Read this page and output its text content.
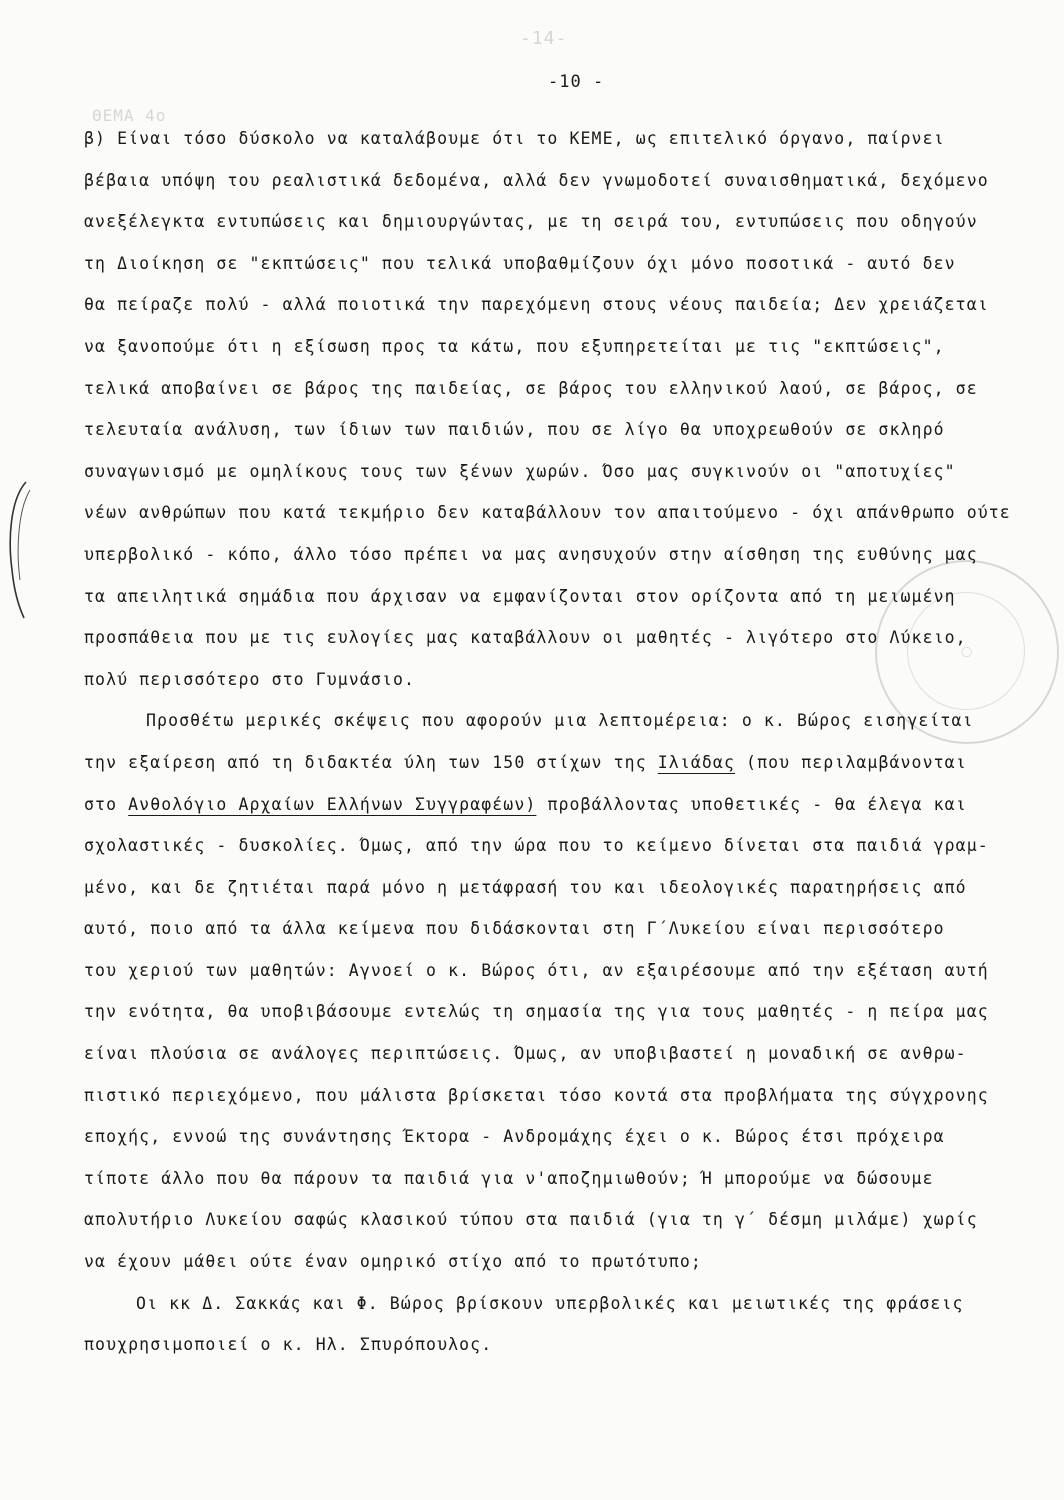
-14-
ΘΕΜΑ 4ο
-10 -
◯
β) Είναι τόσο δύσκολο να καταλάβουμε ότι το ΚΕΜΕ, ως επιτελικό όργανο, παίρνει
βέβαια υπόψη του ρεαλιστικά δεδομένα, αλλά δεν γνωμοδοτεί συναισθηματικά, δεχόμενο
ανεξέλεγκτα εντυπώσεις και δημιουργώντας, με τη σειρά του, εντυπώσεις που οδηγούν
τη Διοίκηση σε "εκπτώσεις" που τελικά υποβαθμίζουν όχι μόνο ποσοτικά - αυτό δεν
θα πείραζε πολύ - αλλά ποιοτικά την παρεχόμενη στους νέους παιδεία; Δεν χρειάζεται
να ξανοπούμε ότι η εξίσωση προς τα κάτω, που εξυπηρετείται με τις "εκπτώσεις",
τελικά αποβαίνει σε βάρος της παιδείας, σε βάρος του ελληνικού λαού, σε βάρος, σε
τελευταία ανάλυση, των ίδιων των παιδιών, που σε λίγο θα υποχρεωθούν σε σκληρό
συναγωνισμό με ομηλίκους τους των ξένων χωρών. Όσο μας συγκινούν οι "αποτυχίες"
νέων ανθρώπων που κατά τεκμήριο δεν καταβάλλουν τον απαιτούμενο - όχι απάνθρωπο ούτε
υπερβολικό - κόπο, άλλο τόσο πρέπει να μας ανησυχούν στην αίσθηση της ευθύνης μας
τα απειλητικά σημάδια που άρχισαν να εμφανίζονται στον ορίζοντα από τη μειωμένη
προσπάθεια που με τις ευλογίες μας καταβάλλουν οι μαθητές - λιγότερο στο Λύκειο,
πολύ περισσότερο στο Γυμνάσιο.
Προσθέτω μερικές σκέψεις που αφορούν μια λεπτομέρεια: ο κ. Βώρος εισηγείται
την εξαίρεση από τη διδακτέα ύλη των 150 στίχων της Ιλιάδας (που περιλαμβάνονται
στο Ανθολόγιο Αρχαίων Ελλήνων Συγγραφέων) προβάλλοντας υποθετικές - θα έλεγα και
σχολαστικές - δυσκολίες. Όμως, από την ώρα που το κείμενο δίνεται στα παιδιά γραμ-
μένο, και δε ζητιέται παρά μόνο η μετάφρασή του και ιδεολογικές παρατηρήσεις από
αυτό, ποιο από τα άλλα κείμενα που διδάσκονται στη Γ΄Λυκείου είναι περισσότερο
του χεριού των μαθητών: Αγνοεί ο κ. Βώρος ότι, αν εξαιρέσουμε από την εξέταση αυτή
την ενότητα, θα υποβιβάσουμε εντελώς τη σημασία της για τους μαθητές - η πείρα μας
είναι πλούσια σε ανάλογες περιπτώσεις. Όμως, αν υποβιβαστεί η μοναδική σε ανθρω-
πιστικό περιεχόμενο, που μάλιστα βρίσκεται τόσο κοντά στα προβλήματα της σύγχρονης
εποχής, εννοώ της συνάντησης Έκτορα - Ανδρομάχης έχει ο κ. Βώρος έτσι πρόχειρα
τίποτε άλλο που θα πάρουν τα παιδιά για ν'αποζημιωθούν; Ή μπορούμε να δώσουμε
απολυτήριο Λυκείου σαφώς κλασικού τύπου στα παιδιά (για τη γ΄ δέσμη μιλάμε) χωρίς
να έχουν μάθει ούτε έναν ομηρικό στίχο από το πρωτότυπο;
Οι κκ Δ. Σακκάς και Φ. Βώρος βρίσκουν υπερβολικές και μειωτικές της φράσεις
πουχρησιμοποιεί ο κ. Ηλ. Σπυρόπουλος.
